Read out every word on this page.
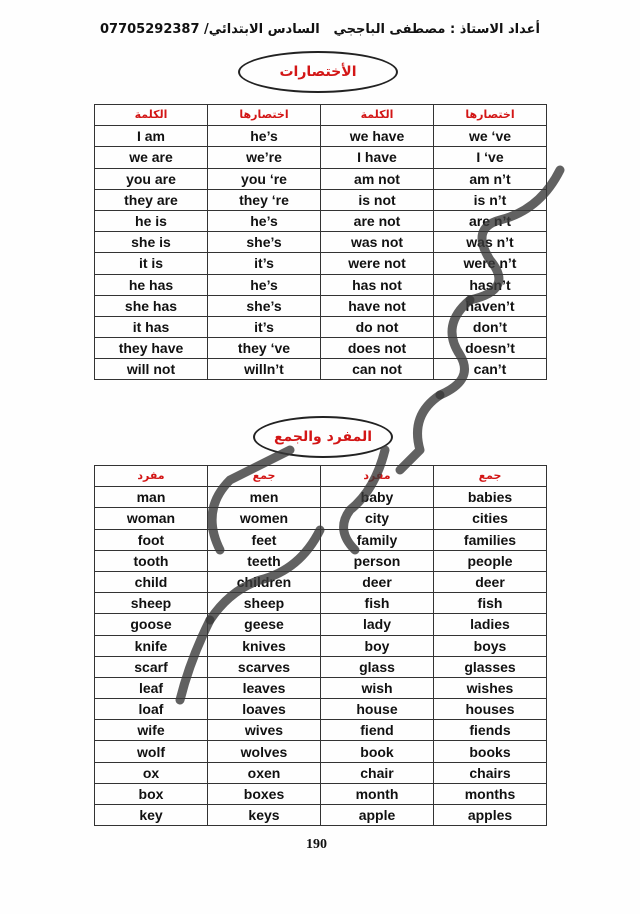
السادس الابتدائي/ 07705292387 أعداد الاستاذ : مصطفى الباججي
الأختصارات
الكلمة	اختصارها	الكلمة	اختصارها
I am	he’s	we have	we ‘ve
we are	we’re	I have	I ‘ve
you are	you ‘re	am not	am n’t
they are	they ‘re	is not	is n’t
he is	he’s	are not	are n’t
she is	she’s	was not	was n’t
it is	it’s	were not	were n’t
he has	he’s	has not	hasn’t
she has	she’s	have not	haven’t
it has	it’s	do not	don’t
they have	they ‘ve	does not	doesn’t
will not	willn’t	can not	can’t
المفرد والجمع
مفرد	جمع	مفرد	جمع
man	men	baby	babies
woman	women	city	cities
foot	feet	family	families
tooth	teeth	person	people
child	children	deer	deer
sheep	sheep	fish	fish
goose	geese	lady	ladies
knife	knives	boy	boys
scarf	scarves	glass	glasses
leaf	leaves	wish	wishes
loaf	loaves	house	houses
wife	wives	fiend	fiends
wolf	wolves	book	books
ox	oxen	chair	chairs
box	boxes	month	months
key	keys	apple	apples
190
